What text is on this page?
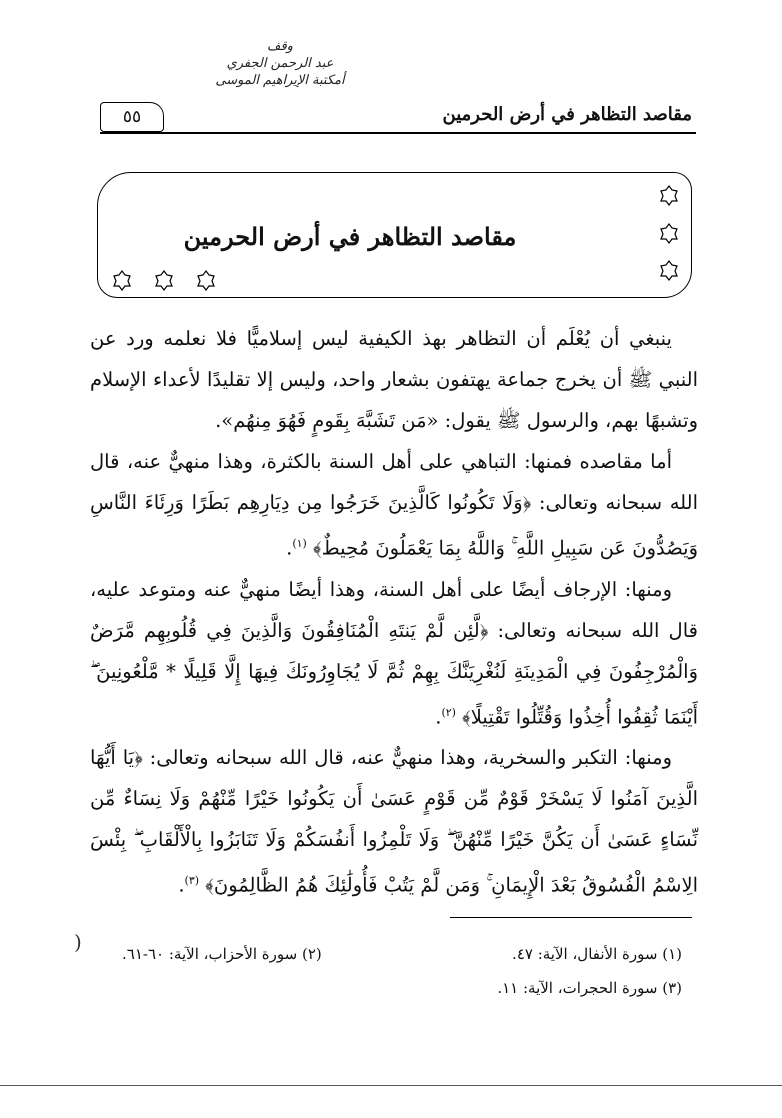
وقف
عبد الرحمن الجفري
أمكتبة الإيراهيم الموسى
٥٥	مقاصد التظاهر في أرض الحرمين
مقاصد التظاهر في أرض الحرمين

ينبغي أن يُعْلَم أن التظاهر بهذ الكيفية ليس إسلاميًّا فلا نعلمه ورد عن النبي ﷺ أن يخرج جماعة يهتفون بشعار واحد، وليس إلا تقليدًا لأعداء الإسلام وتشبهًا بهم، والرسول ﷺ يقول: «مَن تَشَبَّهَ بِقَومٍ فَهُوَ مِنهُم».

أما مقاصده فمنها: التباهي على أهل السنة بالكثرة، وهذا منهيٌّ عنه، قال الله سبحانه وتعالى: ﴿وَلَا تَكُونُوا كَالَّذِينَ خَرَجُوا مِن دِيَارِهِم بَطَرًا وَرِئَاءَ النَّاسِ وَيَصُدُّونَ عَن سَبِيلِ اللَّهِ ۚ وَاللَّهُ بِمَا يَعْمَلُونَ مُحِيطٌ﴾ $^{(١)}$.

ومنها: الإرجاف أيضًا على أهل السنة، وهذا أيضًا منهيٌّ عنه ومتوعد عليه، قال الله سبحانه وتعالى: ﴿لَّئِن لَّمْ يَنتَهِ الْمُنَافِقُونَ وَالَّذِينَ فِي قُلُوبِهِم مَّرَضٌ وَالْمُرْجِفُونَ فِي الْمَدِينَةِ لَنُغْرِيَنَّكَ بِهِمْ ثُمَّ لَا يُجَاوِرُونَكَ فِيهَا إِلَّا قَلِيلًا * مَّلْعُونِينَ ۖ أَيْنَمَا ثُقِفُوا أُخِذُوا وَقُتِّلُوا تَقْتِيلًا﴾ $^{(٢)}$.

ومنها: التكبر والسخرية، وهذا منهيٌّ عنه، قال الله سبحانه وتعالى: ﴿يَا أَيُّهَا الَّذِينَ آمَنُوا لَا يَسْخَرْ قَوْمٌ مِّن قَوْمٍ عَسَىٰ أَن يَكُونُوا خَيْرًا مِّنْهُمْ وَلَا نِسَاءٌ مِّن نِّسَاءٍ عَسَىٰ أَن يَكُنَّ خَيْرًا مِّنْهُنَّ ۖ وَلَا تَلْمِزُوا أَنفُسَكُمْ وَلَا تَنَابَزُوا بِالْأَلْقَابِ ۖ بِئْسَ الِاسْمُ الْفُسُوقُ بَعْدَ الْإِيمَانِ ۚ وَمَن لَّمْ يَتُبْ فَأُولَٰئِكَ هُمُ الظَّالِمُونَ﴾ $^{(٣)}$.

(	(١) سورة الأنفال، الآية: ٤٧.
(٢) سورة الأحزاب، الآية: ٦٠-٦١.
(٣) سورة الحجرات، الآية: ١١.
